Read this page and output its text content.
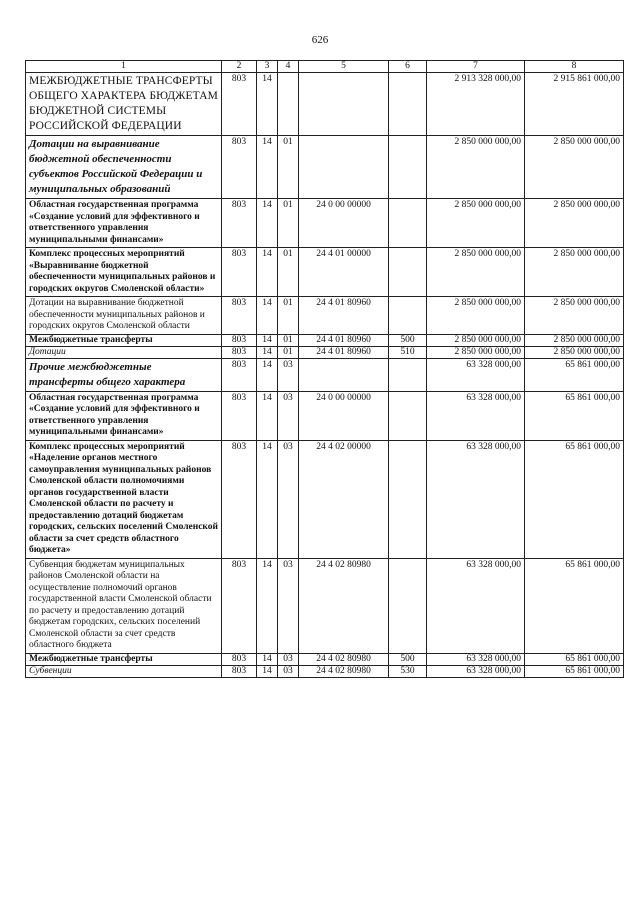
626
1	2	3	4	5	6	7	8
МЕЖБЮДЖЕТНЫЕ ТРАНСФЕРТЫ ОБЩЕГО ХАРАКТЕРА БЮДЖЕТАМ БЮДЖЕТНОЙ СИСТЕМЫ РОССИЙСКОЙ ФЕДЕРАЦИИ	803	14				2 913 328 000,00	2 915 861 000,00
Дотации на выравнивание бюджетной обеспеченности субъектов Российской Федерации и муниципальных образований	803	14	01			2 850 000 000,00	2 850 000 000,00
Областная государственная программа «Создание условий для эффективного и ответственного управления муниципальными финансами»	803	14	01	24 0 00 00000		2 850 000 000,00	2 850 000 000,00
Комплекс процессных мероприятий «Выравнивание бюджетной обеспеченности муниципальных районов и городских округов Смоленской области»	803	14	01	24 4 01 00000		2 850 000 000,00	2 850 000 000,00
Дотации на выравнивание бюджетной обеспеченности муниципальных районов и городских округов Смоленской области	803	14	01	24 4 01 80960		2 850 000 000,00	2 850 000 000,00
Межбюджетные трансферты	803	14	01	24 4 01 80960	500	2 850 000 000,00	2 850 000 000,00
Дотации	803	14	01	24 4 01 80960	510	2 850 000 000,00	2 850 000 000,00
Прочие межбюджетные трансферты общего характера	803	14	03			63 328 000,00	65 861 000,00
Областная государственная программа «Создание условий для эффективного и ответственного управления муниципальными финансами»	803	14	03	24 0 00 00000		63 328 000,00	65 861 000,00
Комплекс процессных мероприятий «Наделение органов местного самоуправления муниципальных районов Смоленской области полномочиями органов государственной власти Смоленской области по расчету и предоставлению дотаций бюджетам городских, сельских поселений Смоленской области за счет средств областного бюджета»	803	14	03	24 4 02 00000		63 328 000,00	65 861 000,00
Субвенция бюджетам муниципальных районов Смоленской области на осуществление полномочий органов государственной власти Смоленской области по расчету и предоставлению дотаций бюджетам городских, сельских поселений Смоленской области за счет средств областного бюджета	803	14	03	24 4 02 80980		63 328 000,00	65 861 000,00
Межбюджетные трансферты	803	14	03	24 4 02 80980	500	63 328 000,00	65 861 000,00
Субвенции	803	14	03	24 4 02 80980	530	63 328 000,00	65 861 000,00
